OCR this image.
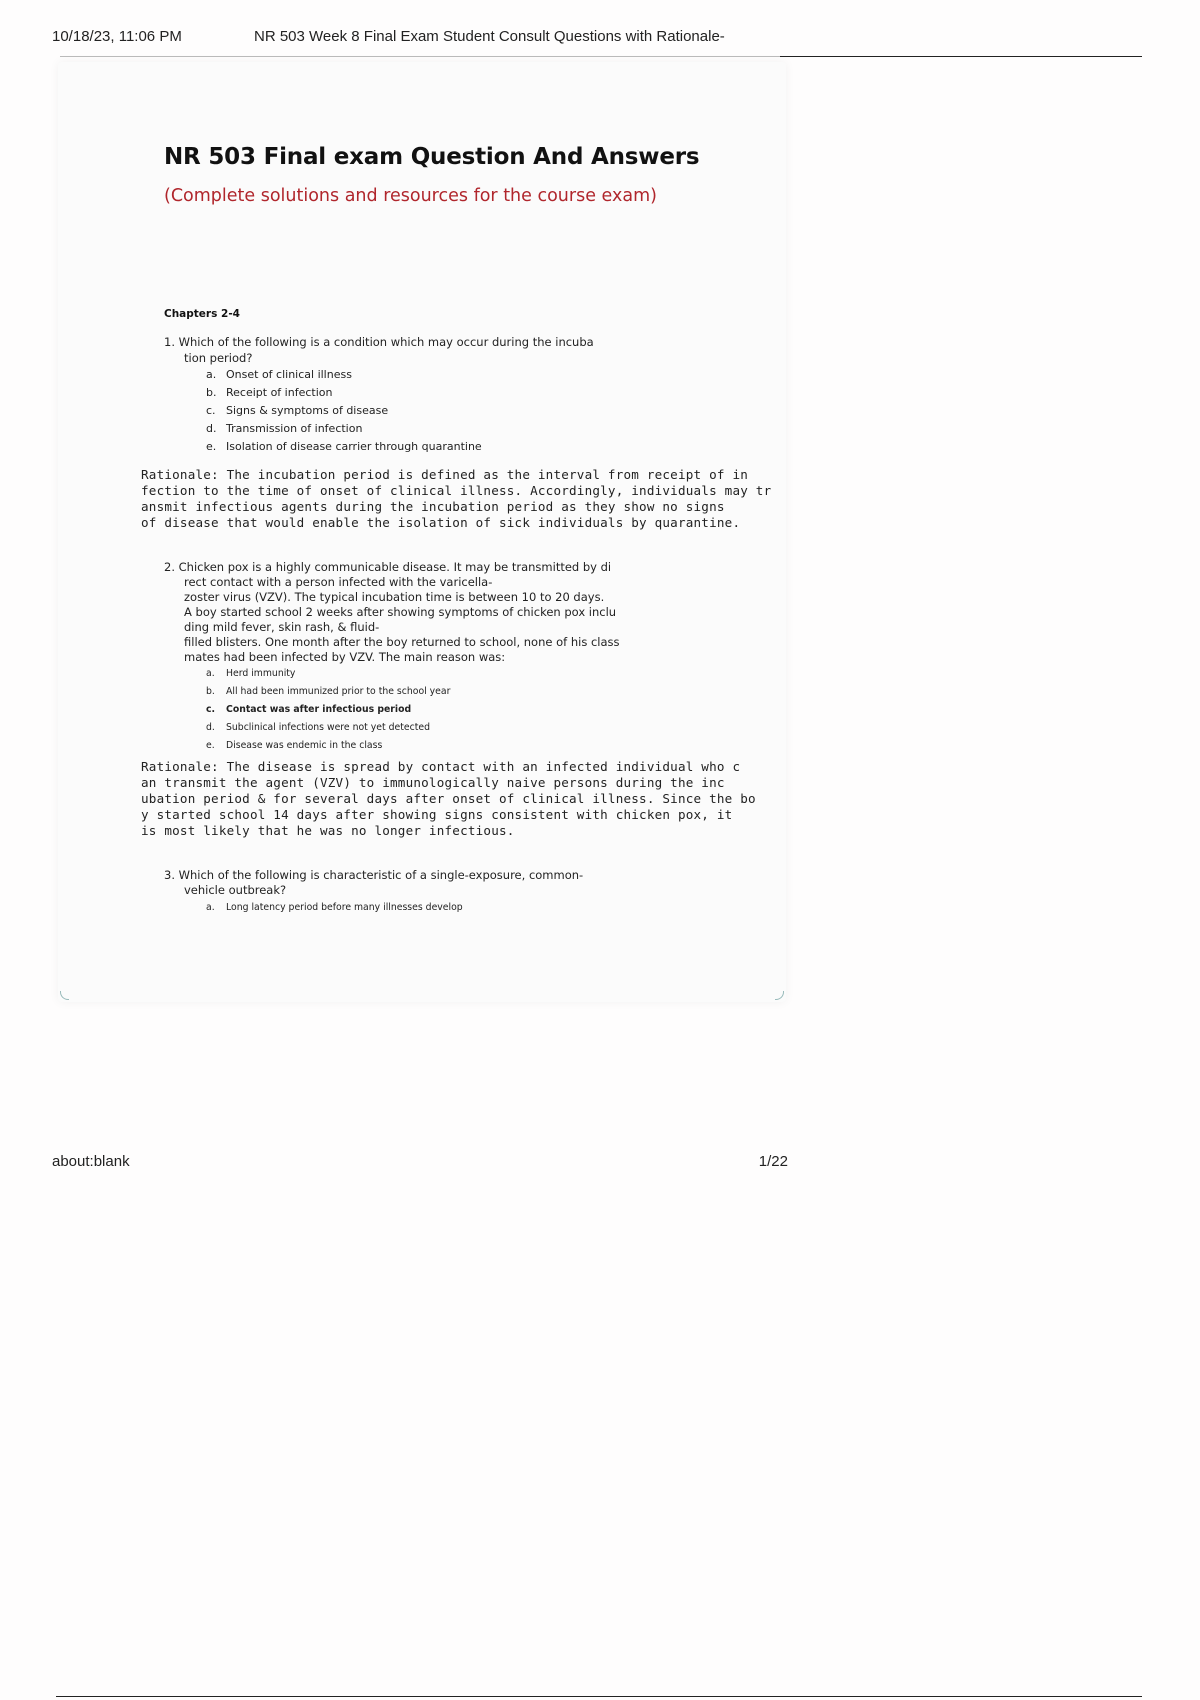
10/18/23, 11:06 PM	NR 503 Week 8 Final Exam Student Consult Questions with Rationale-
NR 503 Final exam Question And Answers
(Complete solutions and resources for the course exam)
Chapters 2-4
1. Which of the following is a condition which may occur during the incuba
tion period?
a. Onset of clinical illness
b. Receipt of infection
c. Signs & symptoms of disease
d. Transmission of infection
e. Isolation of disease carrier through quarantine
Rationale: The incubation period is defined as the interval from receipt of in
fection to the time of onset of clinical illness. Accordingly, individuals may tr
ansmit infectious agents during the incubation period as they show no signs
of disease that would enable the isolation of sick individuals by quarantine.
2. Chicken pox is a highly communicable disease. It may be transmitted by di
rect contact with a person infected with the varicella-
zoster virus (VZV). The typical incubation time is between 10 to 20 days.
A boy started school 2 weeks after showing symptoms of chicken pox inclu
ding mild fever, skin rash, & fluid-
filled blisters. One month after the boy returned to school, none of his class
mates had been infected by VZV. The main reason was:
a. Herd immunity
b. All had been immunized prior to the school year
c. Contact was after infectious period
d. Subclinical infections were not yet detected
e. Disease was endemic in the class
Rationale: The disease is spread by contact with an infected individual who c
an transmit the agent (VZV) to immunologically naive persons during the inc
ubation period & for several days after onset of clinical illness. Since the bo
y started school 14 days after showing signs consistent with chicken pox, it
is most likely that he was no longer infectious.
3. Which of the following is characteristic of a single-exposure, common-
vehicle outbreak?
a. Long latency period before many illnesses develop
about:blank	1/22
